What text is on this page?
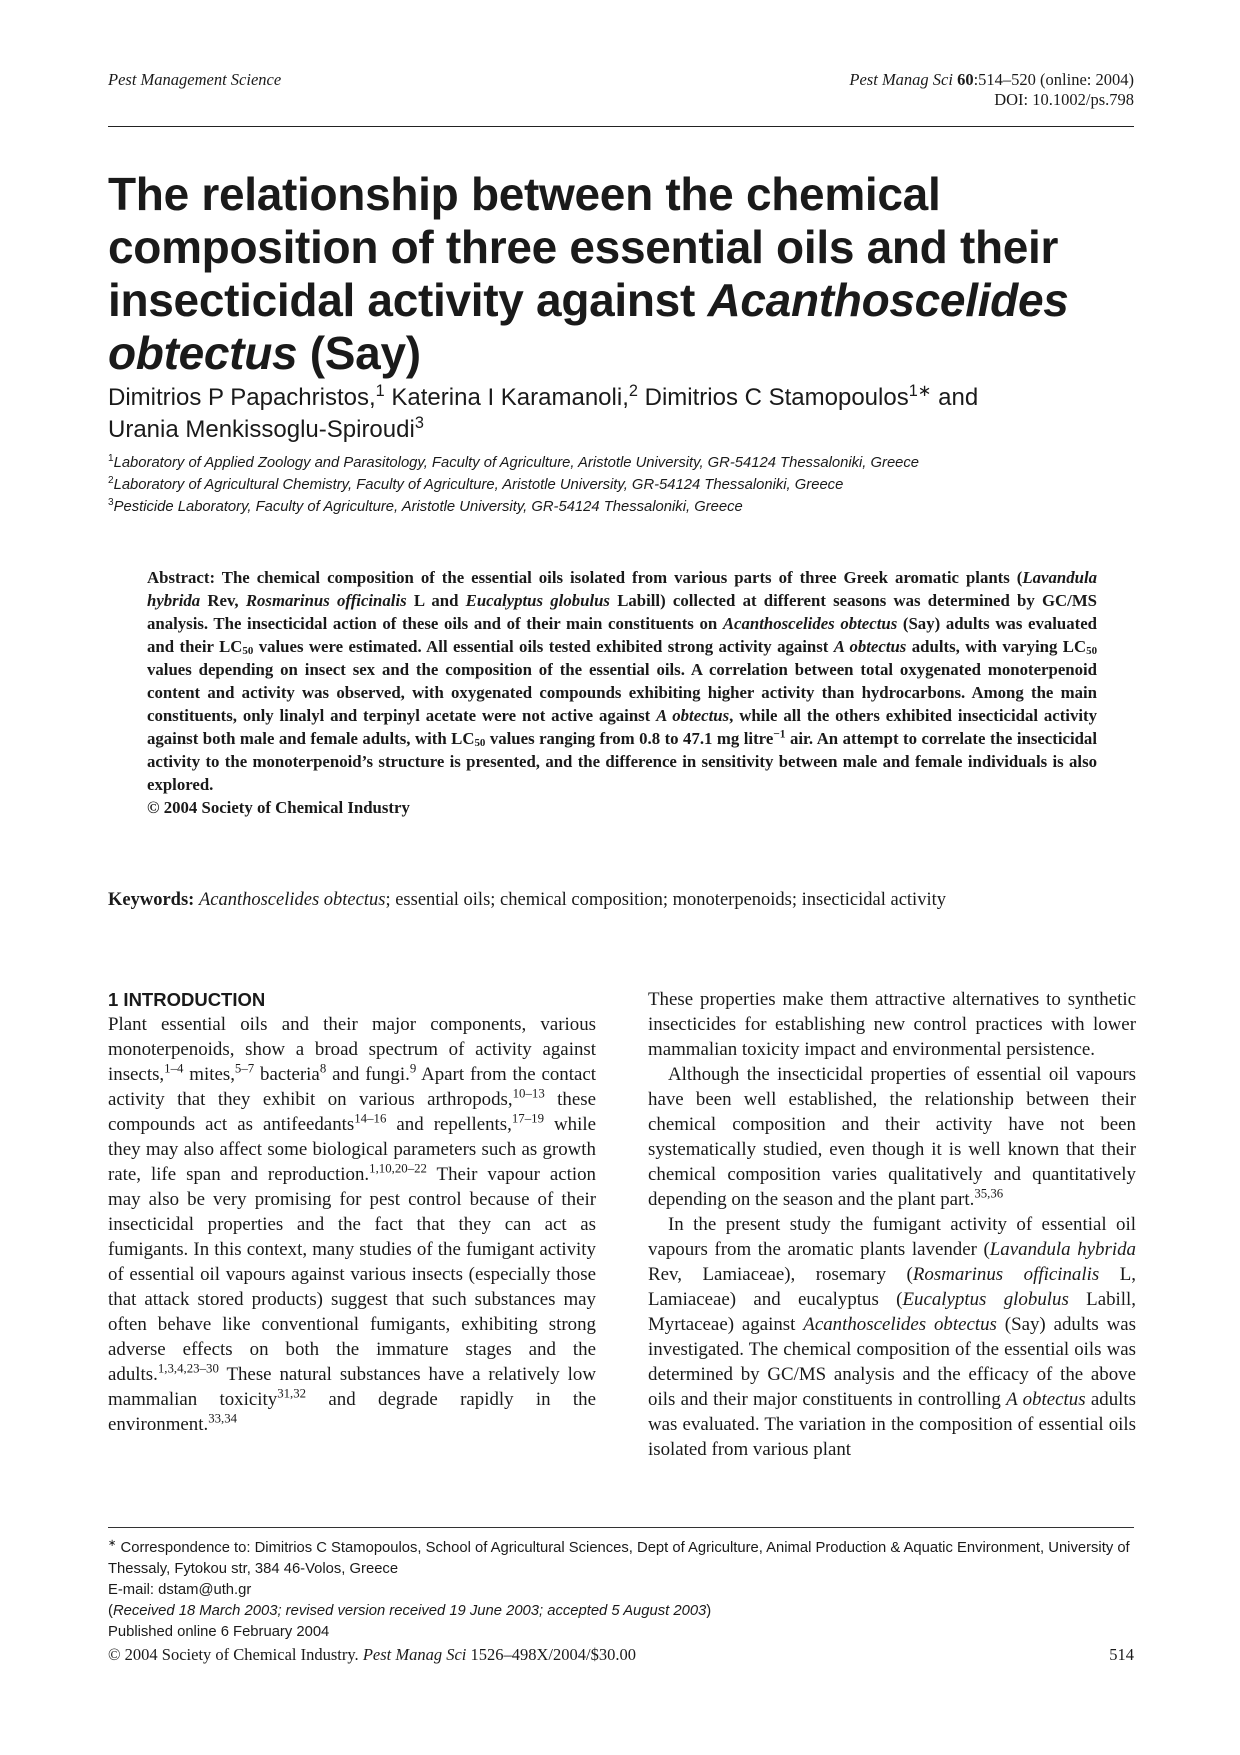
Pest Management Science	Pest Manag Sci 60:514–520 (online: 2004)
DOI: 10.1002/ps.798
The relationship between the chemical composition of three essential oils and their insecticidal activity against Acanthoscelides obtectus (Say)
Dimitrios P Papachristos,$^1$ Katerina I Karamanoli,$^2$ Dimitrios C Stamopoulos$^{1∗}$ and
Urania Menkissoglu-Spiroudi$^3$
$^1$Laboratory of Applied Zoology and Parasitology, Faculty of Agriculture, Aristotle University, GR-54124 Thessaloniki, Greece
$^2$Laboratory of Agricultural Chemistry, Faculty of Agriculture, Aristotle University, GR-54124 Thessaloniki, Greece
$^3$Pesticide Laboratory, Faculty of Agriculture, Aristotle University, GR-54124 Thessaloniki, Greece

Abstract: The chemical composition of the essential oils isolated from various parts of three Greek aromatic plants (Lavandula hybrida Rev, Rosmarinus officinalis L and Eucalyptus globulus Labill) collected at different seasons was determined by GC/MS analysis. The insecticidal action of these oils and of their main constituents on Acanthoscelides obtectus (Say) adults was evaluated and their $LC_{50}$ values were estimated. All essential oils tested exhibited strong activity against A obtectus adults, with varying $LC_{50}$ values depending on insect sex and the composition of the essential oils. A correlation between total oxygenated monoterpenoid content and activity was observed, with oxygenated compounds exhibiting higher activity than hydrocarbons. Among the main constituents, only linalyl and terpinyl acetate were not active against A obtectus, while all the others exhibited insecticidal activity against both male and female adults, with $LC_{50}$ values ranging from 0.8 to 47.1 mg litre$^{-1}$ air. An attempt to correlate the insecticidal activity to the monoterpenoid’s structure is presented, and the difference in sensitivity between male and female individuals is also explored.

© 2004 Society of Chemical Industry

Keywords: Acanthoscelides obtectus; essential oils; chemical composition; monoterpenoids; insecticidal activity
1 INTRODUCTION

Plant essential oils and their major components, various monoterpenoids, show a broad spectrum of activity against insects,$^{1-4}$ mites,$^{5-7}$ bacteria$^8$ and fungi.$^9$ Apart from the contact activity that they exhibit on various arthropods,$^{10-13}$ these compounds act as antifeedants$^{14-16}$ and repellents,$^{17-19}$ while they may also affect some biological parameters such as growth rate, life span and reproduction.$^{1,10,20-22}$ Their vapour action may also be very promising for pest control because of their insecticidal properties and the fact that they can act as fumigants. In this context, many studies of the fumigant activity of essential oil vapours against various insects (especially those that attack stored products) suggest that such substances may often behave like conventional fumigants, exhibiting strong adverse effects on both the immature stages and the adults.$^{1,3,4,23-30}$ These natural substances have a relatively low mammalian toxicity$^{31,32}$ and degrade rapidly in the environment.$^{33,34}$

These properties make them attractive alternatives to synthetic insecticides for establishing new control practices with lower mammalian toxicity impact and environmental persistence.

Although the insecticidal properties of essential oil vapours have been well established, the relationship between their chemical composition and their activity have not been systematically studied, even though it is well known that their chemical composition varies qualitatively and quantitatively depending on the season and the plant part.$^{35,36}$

In the present study the fumigant activity of essential oil vapours from the aromatic plants lavender (Lavandula hybrida Rev, Lamiaceae), rosemary (Rosmarinus officinalis L, Lamiaceae) and eucalyptus (Eucalyptus globulus Labill, Myrtaceae) against Acanthoscelides obtectus (Say) adults was investigated. The chemical composition of the essential oils was determined by GC/MS analysis and the efficacy of the above oils and their major constituents in controlling A obtectus adults was evaluated. The variation in the composition of essential oils isolated from various plant

∗ Correspondence to: Dimitrios C Stamopoulos, School of Agricultural Sciences, Dept of Agriculture, Animal Production & Aquatic Environment, University of Thessaly, Fytokou str, 384 46-Volos, Greece

E-mail: dstam@uth.gr

(Received 18 March 2003; revised version received 19 June 2003; accepted 5 August 2003)

Published online 6 February 2004

© 2004 Society of Chemical Industry. Pest Manag Sci 1526–498X/2004/$30.00	514
